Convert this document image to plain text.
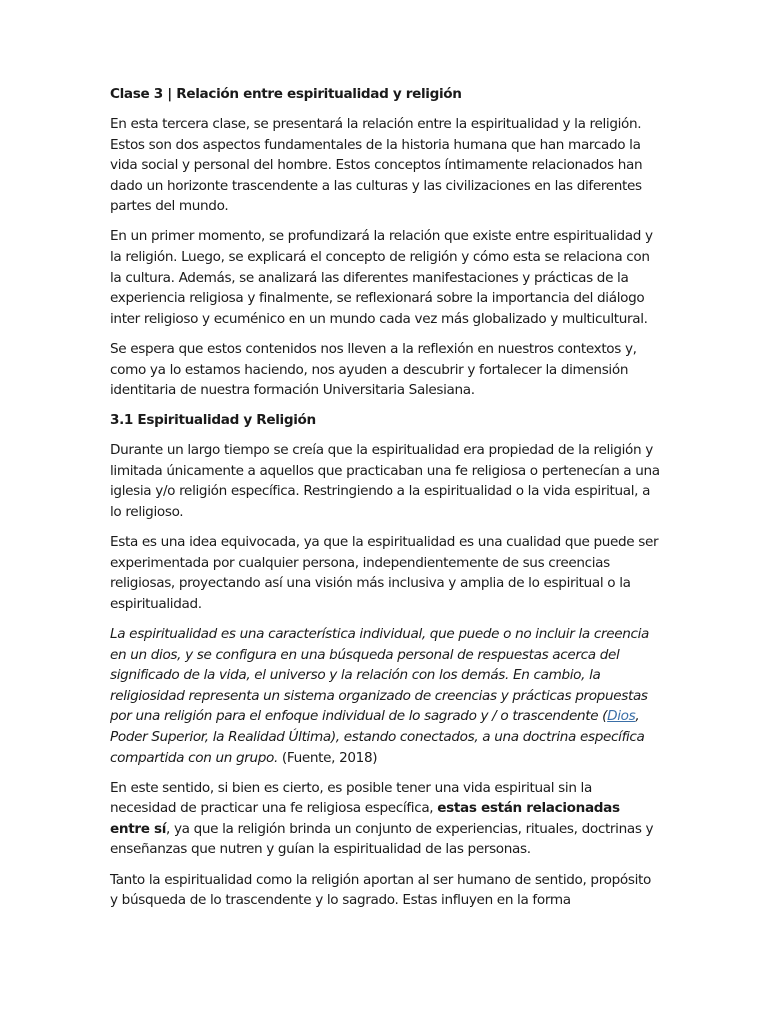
Clase 3 | Relación entre espiritualidad y religión

En esta tercera clase, se presentará la relación entre la espiritualidad y la religión. Estos son dos aspectos fundamentales de la historia humana que han marcado la vida social y personal del hombre. Estos conceptos íntimamente relacionados han dado un horizonte trascendente a las culturas y las civilizaciones en las diferentes partes del mundo.

En un primer momento, se profundizará la relación que existe entre espiritualidad y la religión. Luego, se explicará el concepto de religión y cómo esta se relaciona con la cultura. Además, se analizará las diferentes manifestaciones y prácticas de la experiencia religiosa y finalmente, se reflexionará sobre la importancia del diálogo inter religioso y ecuménico en un mundo cada vez más globalizado y multicultural.

Se espera que estos contenidos nos lleven a la reflexión en nuestros contextos y, como ya lo estamos haciendo, nos ayuden a descubrir y fortalecer la dimensión identitaria de nuestra formación Universitaria Salesiana.

3.1 Espiritualidad y Religión

Durante un largo tiempo se creía que la espiritualidad era propiedad de la religión y limitada únicamente a aquellos que practicaban una fe religiosa o pertenecían a una iglesia y/o religión específica. Restringiendo a la espiritualidad o la vida espiritual, a lo religioso.

Esta es una idea equivocada, ya que la espiritualidad es una cualidad que puede ser experimentada por cualquier persona, independientemente de sus creencias religiosas, proyectando así una visión más inclusiva y amplia de lo espiritual o la espiritualidad.

La espiritualidad es una característica individual, que puede o no incluir la creencia en un dios, y se configura en una búsqueda personal de respuestas acerca del significado de la vida, el universo y la relación con los demás. En cambio, la religiosidad representa un sistema organizado de creencias y prácticas propuestas por una religión para el enfoque individual de lo sagrado y / o trascendente (Dios, Poder Superior, la Realidad Última), estando conectados, a una doctrina específica compartida con un grupo. (Fuente, 2018)

En este sentido, si bien es cierto, es posible tener una vida espiritual sin la necesidad de practicar una fe religiosa específica, estas están relacionadas entre sí, ya que la religión brinda un conjunto de experiencias, rituales, doctrinas y enseñanzas que nutren y guían la espiritualidad de las personas.

Tanto la espiritualidad como la religión aportan al ser humano de sentido, propósito y búsqueda de lo trascendente y lo sagrado. Estas influyen en la forma
